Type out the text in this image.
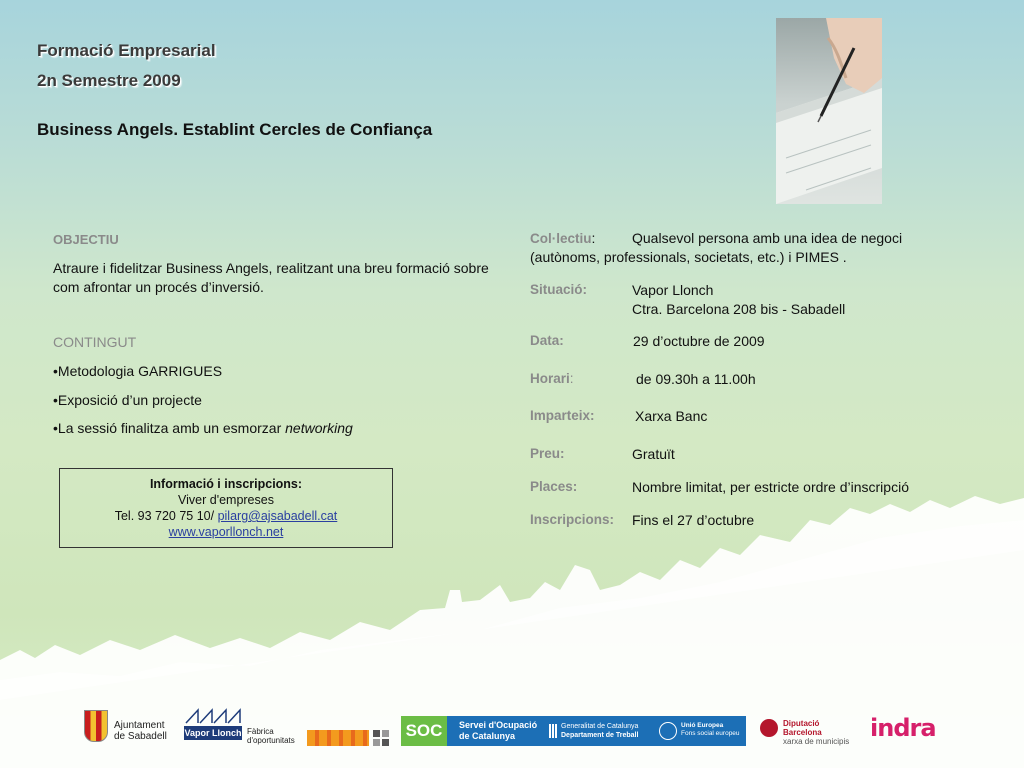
Formació Empresarial
2n Semestre 2009
Business Angels. Establint Cercles de Confiança
OBJECTIU
Atraure i fidelitzar Business Angels, realitzant una breu formació sobre com afrontar un procés d’inversió.
CONTINGUT
•Metodologia GARRIGUES
•Exposició d’un projecte
•La sessió finalitza amb un esmorzar networking
Informació i inscripcions:
Viver d'empreses
Tel. 93 720 75 10/ pilarg@ajsabadell.cat
www.vaporllonch.net
Col·lectiu:	Qualsevol persona amb una idea de negoci
(autònoms, professionals, societats, etc.) i PIMES .
Situació:	Vapor Llonch
Ctra. Barcelona 208 bis - Sabadell
Data:	29 d’octubre de 2009
Horari:	de 09.30h a 11.00h
Imparteix:	Xarxa Banc
Preu:	Gratuït
Places:	Nombre limitat, per estricte ordre d’inscripció
Inscripcions: Fins el 27 d’octubre
Ajuntament
de Sabadell Vapor Llonch Fàbrica
d'oportunitats
SOC	Servei d'Ocupació
de Catalunya
Generalitat de Catalunya
Departament de Treball
Unió Europea
Fons social europeu
Diputació
Barcelona
xarxa de municipis indra
